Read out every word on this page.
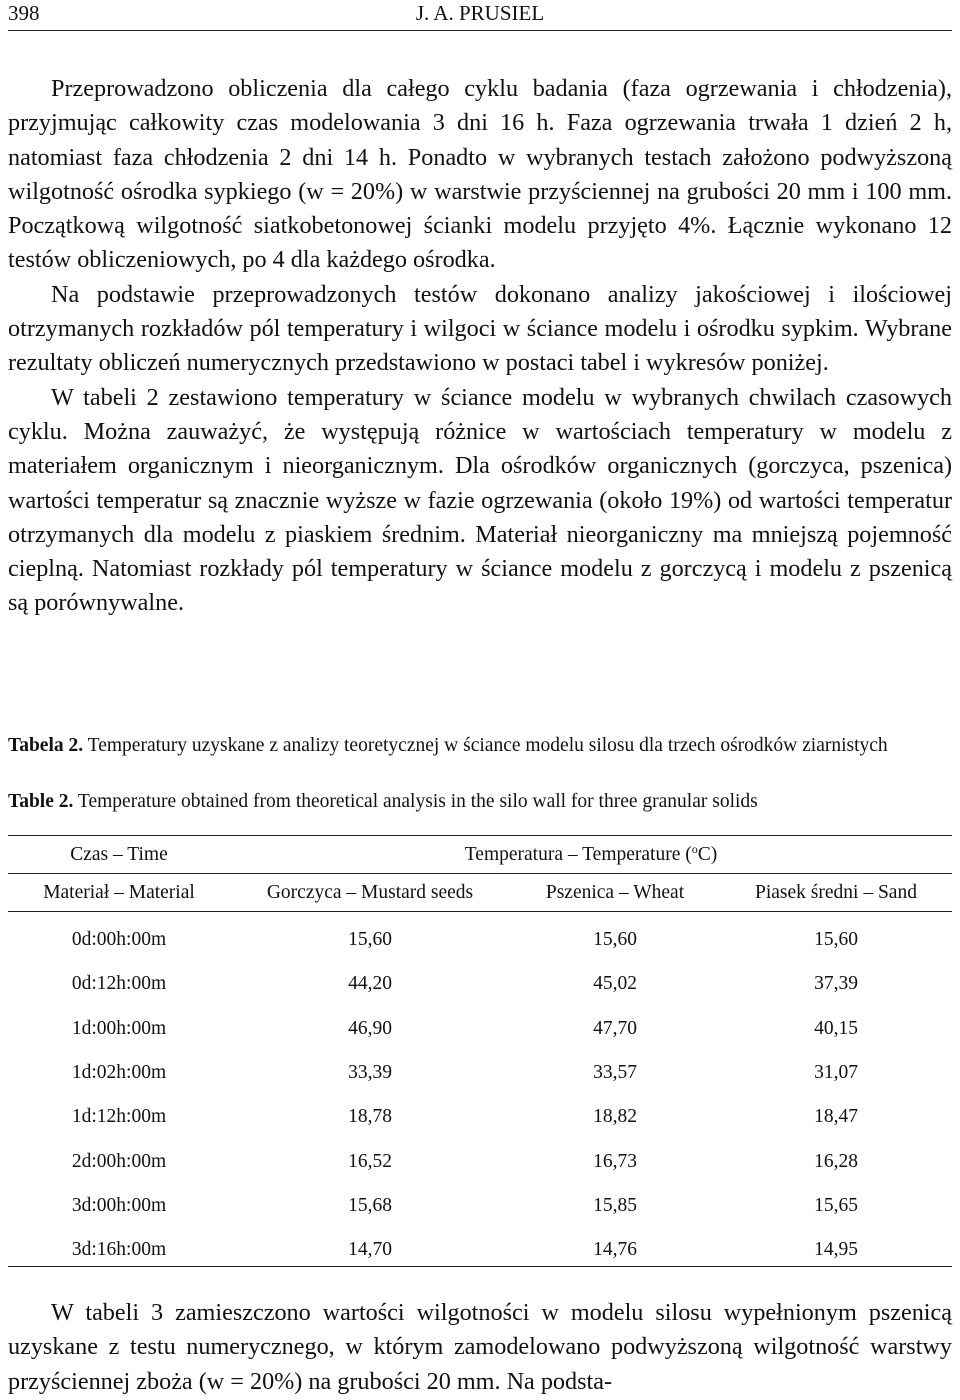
398	J. A. PRUSIEL

Przeprowadzono obliczenia dla całego cyklu badania (faza ogrzewania i chłodzenia), przyjmując całkowity czas modelowania 3 dni 16 h. Faza ogrzewania trwała 1 dzień 2 h, natomiast faza chłodzenia 2 dni 14 h. Ponadto w wybranych testach założono podwyższoną wilgotność ośrodka sypkiego (w = 20%) w warstwie przyściennej na grubości 20 mm i 100 mm. Początkową wilgotność siatkobetonowej ścianki modelu przyjęto 4%. Łącznie wykonano 12 testów obliczeniowych, po 4 dla każdego ośrodka.

Na podstawie przeprowadzonych testów dokonano analizy jakościowej i ilościowej otrzymanych rozkładów pól temperatury i wilgoci w ściance modelu i ośrodku sypkim. Wybrane rezultaty obliczeń numerycznych przedstawiono w postaci tabel i wykresów poniżej.

W tabeli 2 zestawiono temperatury w ściance modelu w wybranych chwilach czasowych cyklu. Można zauważyć, że występują różnice w wartościach temperatury w modelu z materiałem organicznym i nieorganicznym. Dla ośrodków organicznych (gorczyca, pszenica) wartości temperatur są znacznie wyższe w fazie ogrzewania (około 19%) od wartości temperatur otrzymanych dla modelu z piaskiem średnim. Materiał nieorganiczny ma mniejszą pojemność cieplną. Natomiast rozkłady pól temperatury w ściance modelu z gorczycą i modelu z pszenicą są porównywalne.

Tabela 2. Temperatury uzyskane z analizy teoretycznej w ściance modelu silosu dla trzech ośrodków ziarnistych
Table 2. Temperature obtained from theoretical analysis in the silo wall for three granular solids
Czas – Time	Temperatura – Temperature ($^o$C)		
Materiał – Material	Gorczyca – Mustard seeds	Pszenica – Wheat	Piasek średni – Sand
0d:00h:00m	15,60	15,60	15,60
0d:12h:00m	44,20	45,02	37,39
1d:00h:00m	46,90	47,70	40,15
1d:02h:00m	33,39	33,57	31,07
1d:12h:00m	18,78	18,82	18,47
2d:00h:00m	16,52	16,73	16,28
3d:00h:00m	15,68	15,85	15,65
3d:16h:00m	14,70	14,76	14,95

W tabeli 3 zamieszczono wartości wilgotności w modelu silosu wypełnionym pszenicą uzyskane z testu numerycznego, w którym zamodelowano podwyższoną wilgotność warstwy przyściennej zboża (w = 20%) na grubości 20 mm. Na podsta-
